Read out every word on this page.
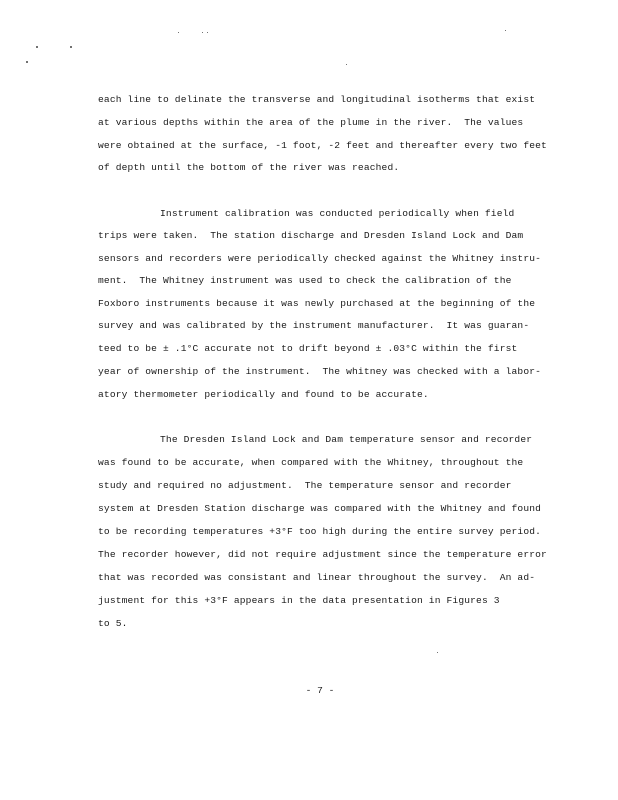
each line to delinate the transverse and longitudinal isotherms that exist
at various depths within the area of the plume in the river.  The values
were obtained at the surface, -1 foot, -2 feet and thereafter every two feet
of depth until the bottom of the river was reached.
Instrument calibration was conducted periodically when field
trips were taken.  The station discharge and Dresden Island Lock and Dam
sensors and recorders were periodically checked against the Whitney instru-
ment.  The Whitney instrument was used to check the calibration of the
Foxboro instruments because it was newly purchased at the beginning of the
survey and was calibrated by the instrument manufacturer.  It was guaran-
teed to be ± .1°C accurate not to drift beyond ± .03°C within the first
year of ownership of the instrument.  The whitney was checked with a labor-
atory thermometer periodically and found to be accurate.
The Dresden Island Lock and Dam temperature sensor and recorder
was found to be accurate, when compared with the Whitney, throughout the
study and required no adjustment.  The temperature sensor and recorder
system at Dresden Station discharge was compared with the Whitney and found
to be recording temperatures +3°F too high during the entire survey period.
The recorder however, did not require adjustment since the temperature error
that was recorded was consistant and linear throughout the survey.  An ad-
justment for this +3°F appears in the data presentation in Figures 3
to 5.
- 7 -
